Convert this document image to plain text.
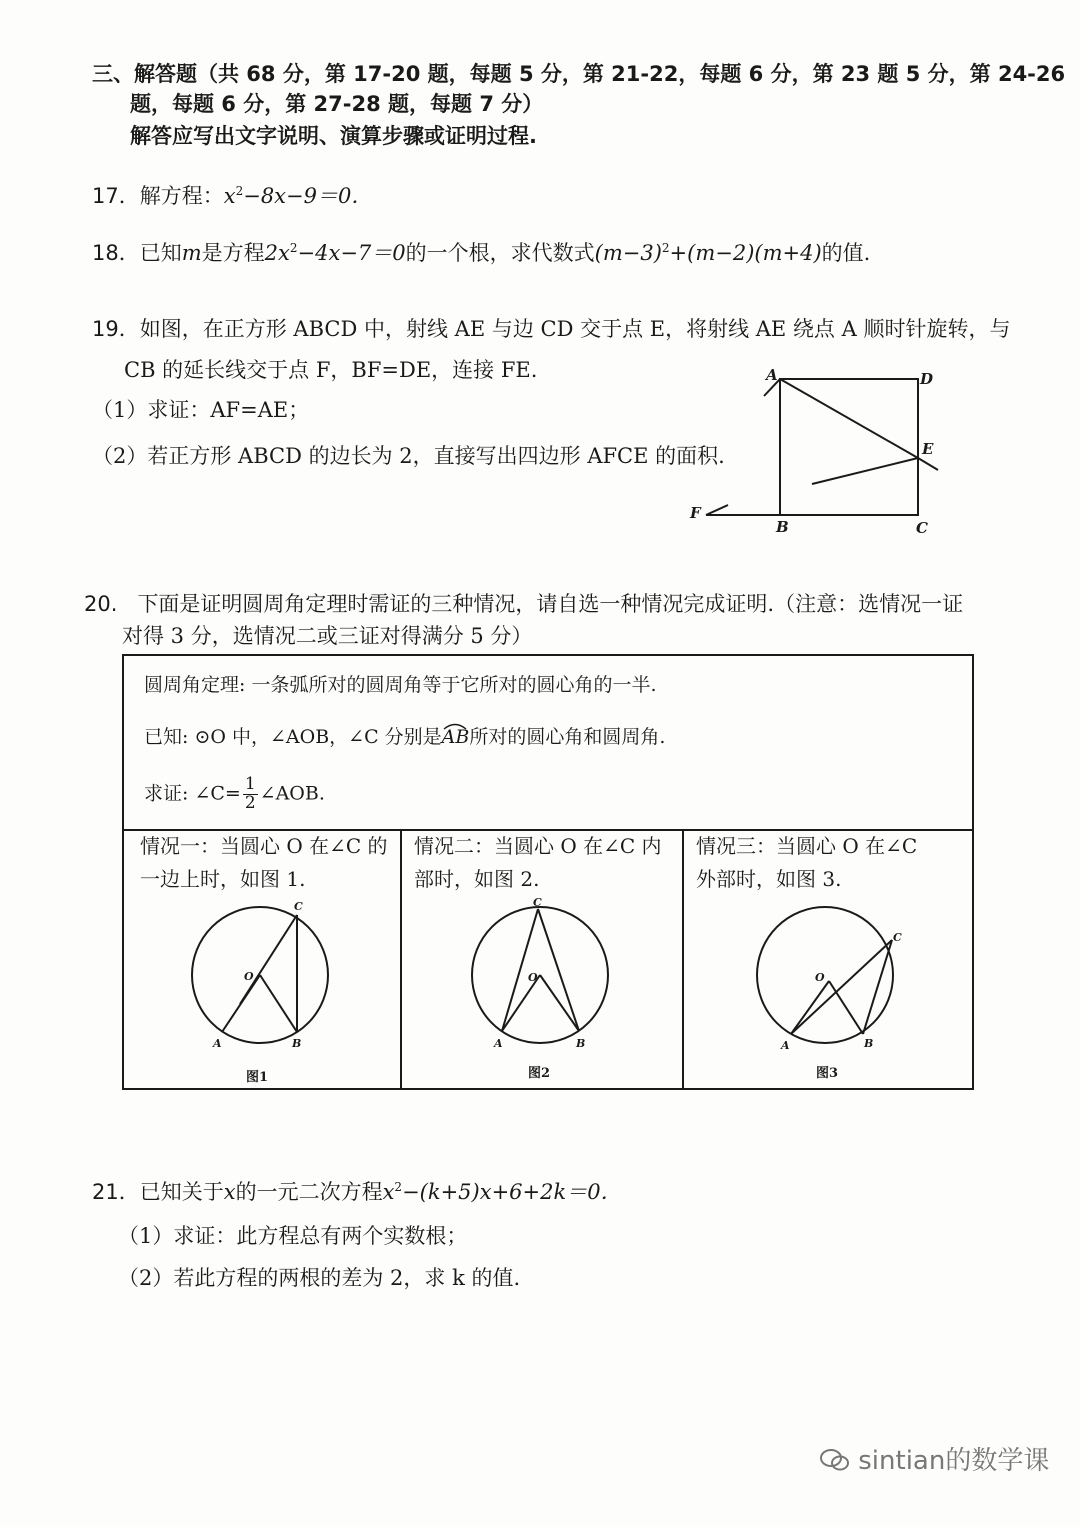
三、解答题（共 68 分，第 17-20 题，每题 5 分，第 21-22，每题 6 分，第 23 题 5 分，第 24-26
题，每题 6 分，第 27-28 题，每题 7 分）
解答应写出文字说明、演算步骤或证明过程.
17．解方程：$x^2-8x-9=0$．
18．已知m是方程$2x^2-4x-7=0$的一个根，求代数式$(m-3)^2+(m-2)(m+4)$的值.
19．如图，在正方形 ABCD 中，射线 AE 与边 CD 交于点 E，将射线 AE 绕点 A 顺时针旋转，与
CB 的延长线交于点 F，BF=DE，连接 FE.
（1）求证：AF=AE；
（2）若正方形 ABCD 的边长为 2，直接写出四边形 AFCE 的面积.
A	D
E
B	C
F
20. 下面是证明圆周角定理时需证的三种情况，请自选一种情况完成证明.（注意：选情况一证
对得 3 分，选情况二或三证对得满分 5 分）
圆周角定理: 一条弧所对的圆周角等于它所对的圆心角的一半.
已知: ⊙O 中，∠AOB，∠C 分别是AB
所对的圆心角和圆周角.
求证: ∠C= $\frac{1}{2}$ ∠AOB.
情况一：当圆心 O 在∠C 的
一边上时，如图 1.
情况二：当圆心 O 在∠C 内
部时，如图 2.
情况三：当圆心 O 在∠C
外部时，如图 3.
A	B
C
O
图1
A	B
C
O
图2
A	B
C
O
图3
21．已知关于x的一元二次方程$x^2-(k+5)x+6+2k=0$．
（1）求证：此方程总有两个实数根；
（2）若此方程的两根的差为 2，求 k 的值.
sintian的数学课
